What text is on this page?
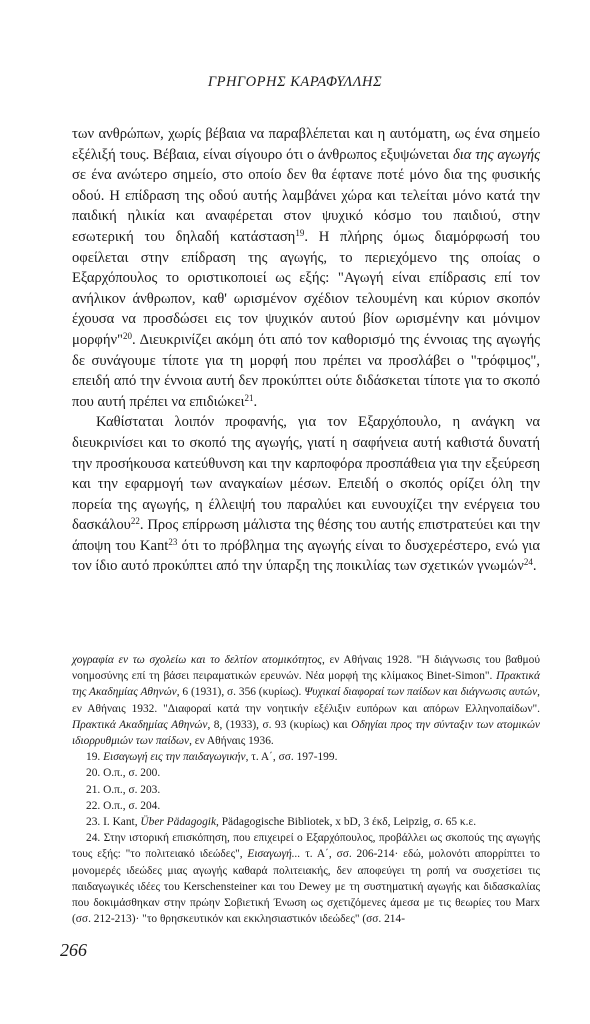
ΓΡΗΓΟΡΗΣ ΚΑΡΑΦΥΛΛΗΣ

των ανθρώπων, χωρίς βέβαια να παραβλέπεται και η αυτόματη, ως ένα σημείο εξέλιξή τους. Βέβαια, είναι σίγουρο ότι ο άνθρωπος εξυψώνεται δια της αγωγής σε ένα ανώτερο σημείο, στο οποίο δεν θα έφτανε ποτέ μόνο δια της φυσικής οδού. Η επίδραση της οδού αυτής λαμβάνει χώρα και τελείται μόνο κατά την παιδική ηλικία και αναφέρεται στον ψυχικό κόσμο του παιδιού, στην εσωτερική του δηλαδή κατάσταση$^{19}$. Η πλήρης όμως διαμόρφωσή του οφείλεται στην επίδραση της αγωγής, το περιεχόμενο της οποίας ο Εξαρχόπουλος το οριστικοποιεί ως εξής: "Αγωγή είναι επίδρασις επί τον ανήλικον άνθρωπον, καθ' ωρισμένον σχέδιον τελουμένη και κύριον σκοπόν έχουσα να προσδώσει εις τον ψυχικόν αυτού βίον ωρισμένην και μόνιμον μορφήν"$^{20}$. Διευκρινίζει ακόμη ότι από τον καθορισμό της έννοιας της αγωγής δε συνάγουμε τίποτε για τη μορφή που πρέπει να προσλάβει ο "τρόφιμος", επειδή από την έννοια αυτή δεν προκύπτει ούτε διδάσκεται τίποτε για το σκοπό που αυτή πρέπει να επιδιώκει$^{21}$.

Καθίσταται λοιπόν προφανής, για τον Εξαρχόπουλο, η ανάγκη να διευκρινίσει και το σκοπό της αγωγής, γιατί η σαφήνεια αυτή καθιστά δυνατή την προσήκουσα κατεύθυνση και την καρποφόρα προσπάθεια για την εξεύρεση και την εφαρμογή των αναγκαίων μέσων. Επειδή ο σκοπός ορίζει όλη την πορεία της αγωγής, η έλλειψή του παραλύει και ευνουχίζει την ενέργεια του δασκάλου$^{22}$. Προς επίρρωση μάλιστα της θέσης του αυτής επιστρατεύει και την άποψη του Kant$^{23}$ ότι το πρόβλημα της αγωγής είναι το δυσχερέστερο, ενώ για τον ίδιο αυτό προκύπτει από την ύπαρξη της ποικιλίας των σχετικών γνωμών$^{24}$.

χογραφία εν τω σχολείω και το δελτίον ατομικότητος, εν Αθήναις 1928. "Η διάγνωσις του βαθμού νοημοσύνης επί τη βάσει πειραματικών ερευνών. Νέα μορφή της κλίμακος Binet-Simon". Πρακτικά της Ακαδημίας Αθηνών, 6 (1931), σ. 356 (κυρίως). Ψυχικαί διαφοραί των παίδων και διάγνωσις αυτών, εν Αθήναις 1932. "Διαφοραί κατά την νοητικήν εξέλιξιν ευπόρων και απόρων Ελληνοπαίδων". Πρακτικά Ακαδημίας Αθηνών, 8, (1933), σ. 93 (κυρίως) και Οδηγίαι προς την σύνταξιν των ατομικών ιδιορρυθμιών των παίδων, εν Αθήναις 1936.

19. Εισαγωγή εις την παιδαγωγικήν, τ. Α΄, σσ. 197-199.

20. Ο.π., σ. 200.

21. Ο.π., σ. 203.

22. Ο.π., σ. 204.

23. I. Kant, Über Pädagogik, Pädagogische Bibliotek, x bD, 3 έκδ, Leipzig, σ. 65 κ.ε.

24. Στην ιστορική επισκόπηση, που επιχειρεί ο Εξαρχόπουλος, προβάλλει ως σκοπούς της αγωγής τους εξής: "το πολιτειακό ιδεώδες", Εισαγωγή... τ. Α΄, σσ. 206-214· εδώ, μολονότι απορρίπτει το μονομερές ιδεώδες μιας αγωγής καθαρά πολιτειακής, δεν αποφεύγει τη ροπή να συσχετίσει τις παιδαγωγικές ιδέες του Kerschensteiner και του Dewey με τη συστηματική αγωγής και διδασκαλίας που δοκιμάσθηκαν στην πρώην Σοβιετική Ένωση ως σχετιζόμενες άμεσα με τις θεωρίες του Marx (σσ. 212-213)· "το θρησκευτικόν και εκκλησιαστικόν ιδεώδες" (σσ. 214-

266
